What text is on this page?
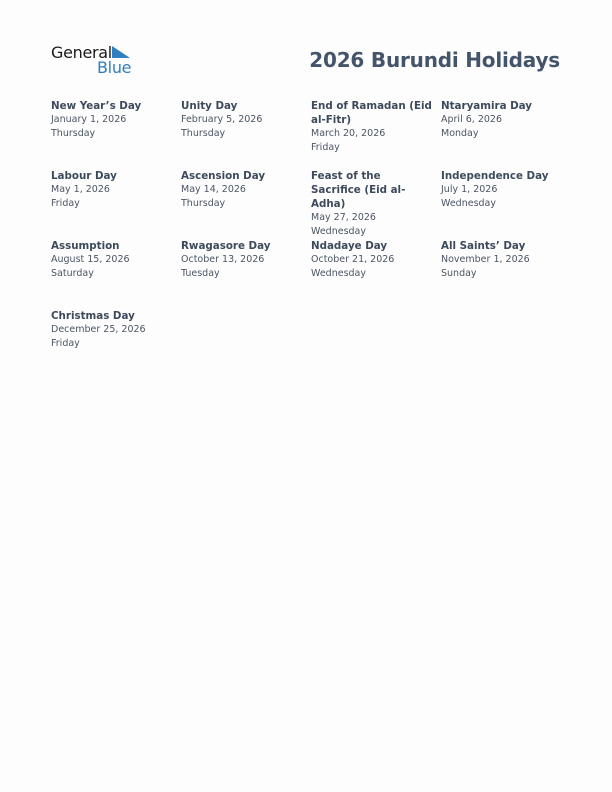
General
Blue	2026 Burundi Holidays
New Year’s Day
January 1, 2026
Thursday
Unity Day
February 5, 2026
Thursday
End of Ramadan (Eid al-Fitr)
March 20, 2026
Friday
Ntaryamira Day
April 6, 2026
Monday
Labour Day
May 1, 2026
Friday
Ascension Day
May 14, 2026
Thursday
Feast of the Sacrifice (Eid al-Adha)
May 27, 2026
Wednesday
Independence Day
July 1, 2026
Wednesday
Assumption
August 15, 2026
Saturday
Rwagasore Day
October 13, 2026
Tuesday
Ndadaye Day
October 21, 2026
Wednesday
All Saints’ Day
November 1, 2026
Sunday
Christmas Day
December 25, 2026
Friday
